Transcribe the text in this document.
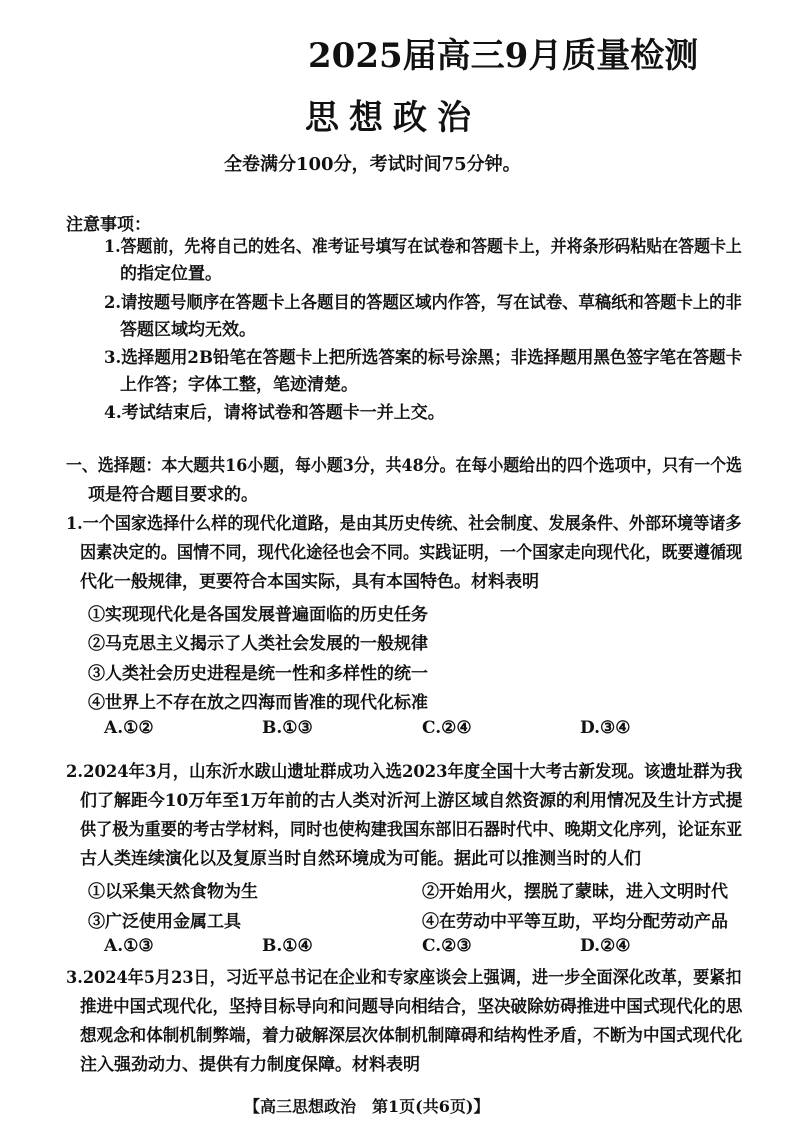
2025届高三9月质量检测
思想政治
全卷满分100分，考试时间75分钟。
注意事项：
1.答题前，先将自己的姓名、准考证号填写在试卷和答题卡上，并将条形码粘贴在答题卡上
的指定位置。
2.请按题号顺序在答题卡上各题目的答题区域内作答，写在试卷、草稿纸和答题卡上的非
答题区域均无效。
3.选择题用2B铅笔在答题卡上把所选答案的标号涂黑；非选择题用黑色签字笔在答题卡
上作答；字体工整，笔迹清楚。
4.考试结束后，请将试卷和答题卡一并上交。
一、选择题：本大题共16小题，每小题3分，共48分。在每小题给出的四个选项中，只有一个选
项是符合题目要求的。
1.一个国家选择什么样的现代化道路，是由其历史传统、社会制度、发展条件、外部环境等诸多
因素决定的。国情不同，现代化途径也会不同。实践证明，一个国家走向现代化，既要遵循现
代化一般规律，更要符合本国实际，具有本国特色。材料表明
①实现现代化是各国发展普遍面临的历史任务
②马克思主义揭示了人类社会发展的一般规律
③人类社会历史进程是统一性和多样性的统一
④世界上不存在放之四海而皆准的现代化标准
A.①②	B.①③	C.②④	D.③④
2.2024年3月，山东沂水跋山遗址群成功入选2023年度全国十大考古新发现。该遗址群为我
们了解距今10万年至1万年前的古人类对沂河上游区域自然资源的利用情况及生计方式提
供了极为重要的考古学材料，同时也使构建我国东部旧石器时代中、晚期文化序列，论证东亚
古人类连续演化以及复原当时自然环境成为可能。据此可以推测当时的人们
①以采集天然食物为生	②开始用火，摆脱了蒙昧，进入文明时代
③广泛使用金属工具	④在劳动中平等互助，平均分配劳动产品
A.①③	B.①④	C.②③	D.②④
3.2024年5月23日，习近平总书记在企业和专家座谈会上强调，进一步全面深化改革，要紧扣
推进中国式现代化，坚持目标导向和问题导向相结合，坚决破除妨碍推进中国式现代化的思
想观念和体制机制弊端，着力破解深层次体制机制障碍和结构性矛盾，不断为中国式现代化
注入强劲动力、提供有力制度保障。材料表明
【高三思想政治　第1页(共6页)】
